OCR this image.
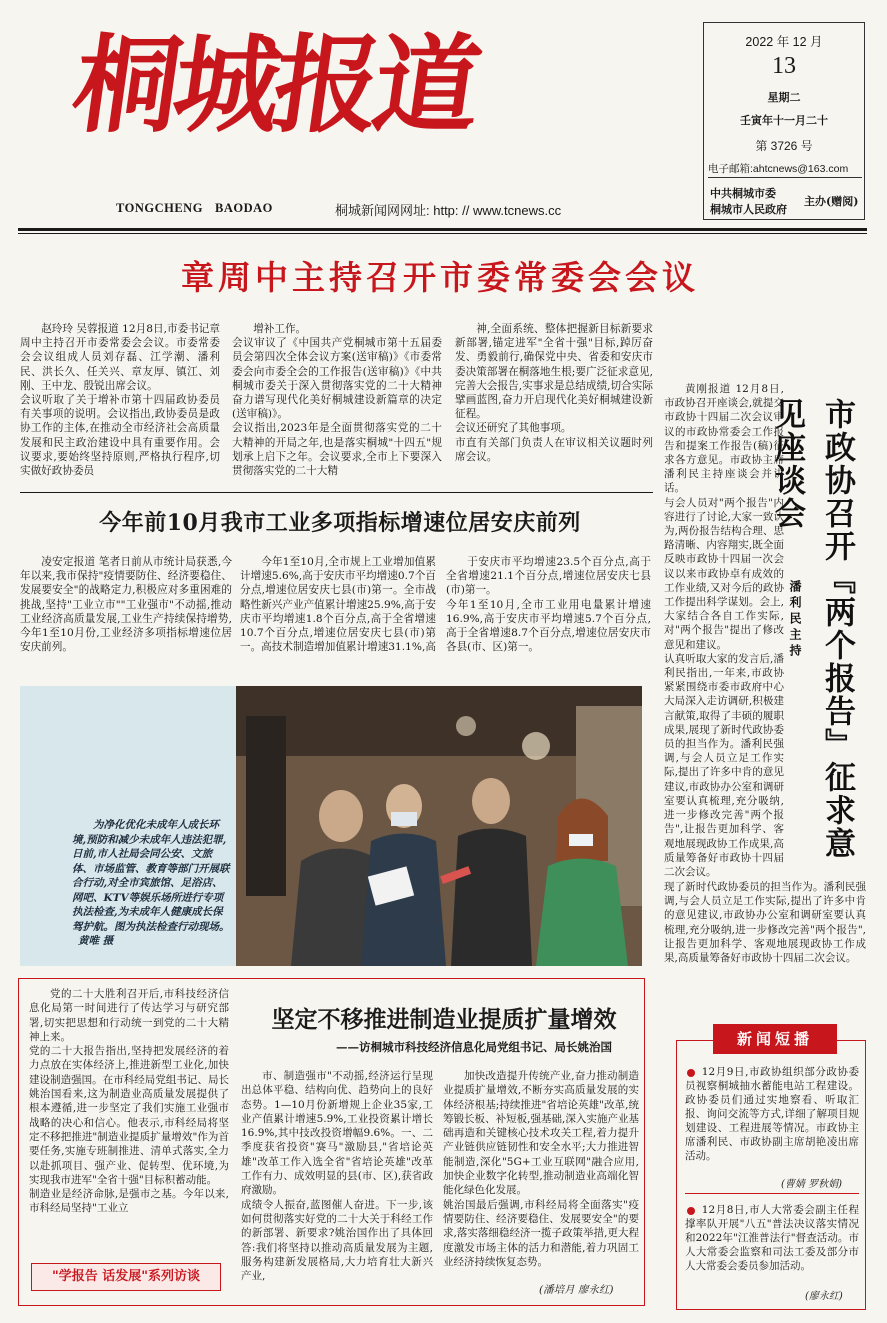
桐城报道
TONGCHENG BAODAO	桐城新闻网网址: http: // www.tcnews.cc
2022 年 12 月
13
星期二
壬寅年十一月二十
第 3726 号
电子邮箱:ahtcnews@163.com
中共桐城市委
桐城市人民政府
主办(赠阅)
章周中主持召开市委常委会会议
赵玲玲 吴蓉报道 12月8日,市委书记章周中主持召开市委常委会会议。市委常委会会议组成人员刘存磊、江学潮、潘利民、洪长久、任关兴、章友厚、镇江、刘刚、王中龙、殷锐出席会议。
会议听取了关于增补市第十四届政协委员有关事项的说明。会议指出,政协委员是政协工作的主体,在推动全市经济社会高质量发展和民主政治建设中具有重要作用。会议要求,要始终坚持原则,严格执行程序,切实做好政协委员
增补工作。
会议审议了《中国共产党桐城市第十五届委员会第四次全体会议方案(送审稿)》《市委常委会向市委全会的工作报告(送审稿)》《中共桐城市委关于深入贯彻落实党的二十大精神奋力谱写现代化美好桐城建设新篇章的决定(送审稿)》。
会议指出,2023年是全面贯彻落实党的二十大精神的开局之年,也是落实桐城"十四五"规划承上启下之年。会议要求,全市上下要深入贯彻落实党的二十大精
神,全面系统、整体把握新目标新要求新部署,锚定进军"全省十强"目标,踔厉奋发、勇毅前行,确保党中央、省委和安庆市委决策部署在桐落地生根;要广泛征求意见,完善大会报告,实事求是总结成绩,切合实际擘画蓝图,奋力开启现代化美好桐城建设新征程。
会议还研究了其他事项。
市直有关部门负责人在审议相关议题时列席会议。
今年前10月我市工业多项指标增速位居安庆前列
凌安定报道 笔者日前从市统计局获悉,今年以来,我市保持"疫情要防住、经济要稳住、发展要安全"的战略定力,积极应对多重困难的挑战,坚持"工业立市""工业强市"不动摇,推动工业经济高质量发展,工业生产持续保持增势,今年1至10月份,工业经济多项指标增速位居安庆前列。
今年1至10月,全市规上工业增加值累计增速5.6%,高于安庆市平均增速0.7个百分点,增速位居安庆七县(市)第一。全市战略性新兴产业产值累计增速25.9%,高于安庆市平均增速1.8个百分点,高于全省增速10.7个百分点,增速位居安庆七县(市)第一。高技术制造增加值累计增速31.1%,高
于安庆市平均增速23.5个百分点,高于全省增速21.1个百分点,增速位居安庆七县(市)第一。
今年1至10月,全市工业用电量累计增速16.9%,高于安庆市平均增速5.7个百分点,高于全省增速8.7个百分点,增速位居安庆市各县(市、区)第一。
为净化优化未成年人成长环境,预防和减少未成年人违法犯罪,日前,市人社局会同公安、文旅体、市场监管、教育等部门开展联合行动,对全市宾旅馆、足浴店、网吧、KTV等娱乐场所进行专项执法检查,为未成年人健康成长保驾护航。图为执法检查行动现场。 黄唯 摄
黄刚报道 12月8日,市政协召开座谈会,就提交市政协十四届二次会议审议的市政协常委会工作报告和提案工作报告(稿)征求各方意见。市政协主席潘利民主持座谈会并讲话。
与会人员对"两个报告"内容进行了讨论,大家一致认为,两份报告结构合理、思路清晰、内容翔实,既全面反映市政协十四届一次会议以来市政协卓有成效的工作业绩,又对今后的政协工作提出科学谋划。会上,大家结合各自工作实际,对"两个报告"提出了修改意见和建议。
认真听取大家的发言后,潘利民指出,一年来,市政协紧紧围绕市委市政府中心大局深入走访调研,积极建言献策,取得了丰硕的履职成果,展现了新时代政协委员的担当作为。潘利民强调,与会人员立足工作实际,提出了许多中肯的意见建议,市政协办公室和调研室要认真梳理,充分吸纳,进一步修改完善"两个报告",让报告更加科学、客观地展现政协工作成果,高质量筹备好市政协十四届二次会议。
市政协召开『两个报告』征求意见座谈会
潘利民主持
现了新时代政协委员的担当作为。潘利民强调,与会人员立足工作实际,提出了许多中肯的意见建议,市政协办公室和调研室要认真梳理,充分吸纳,进一步修改完善"两个报告",让报告更加科学、客观地展现政协工作成果,高质量筹备好市政协十四届二次会议。
坚定不移推进制造业提质扩量增效
——访桐城市科技经济信息化局党组书记、局长姚治国
党的二十大胜利召开后,市科技经济信息化局第一时间进行了传达学习与研究部署,切实把思想和行动统一到党的二十大精神上来。
党的二十大报告指出,坚持把发展经济的着力点放在实体经济上,推进新型工业化,加快建设制造强国。在市科经局党组书记、局长姚治国看来,这为制造业高质量发展提供了根本遵循,进一步坚定了我们实施工业强市战略的决心和信心。他表示,市科经局将坚定不移把推进"制造业提质扩量增效"作为首要任务,实施专班制推进、清单式落实,全力以赴抓项目、强产业、促转型、优环境,为实现我市进军"全省十强"目标积蓄动能。
制造业是经济命脉,是强市之基。今年以来,市科经局坚持"工业立
市、制造强市"不动摇,经济运行呈现出总体平稳、结构向优、趋势向上的良好态势。1—10月份新增规上企业35家,工业产值累计增速5.9%,工业投资累计增长16.9%,其中技改投资增幅9.6%。一、二季度获省投资"赛马"激励县,"省培论英雄"改革工作入选全省"省培论英雄"改革工作有力、成效明显的县(市、区),获省政府激励。
成绩令人振奋,蓝图催人奋进。下一步,该如何贯彻落实好党的二十大关于科经工作的新部署、新要求?姚治国作出了具体回答:我们将坚持以推动高质量发展为主题,服务构建新发展格局,大力培育壮大新兴产业,
加快改造提升传统产业,奋力推动制造业提质扩量增效,不断夯实高质量发展的实体经济根基;持续推进"省培论英雄"改革,统筹锻长板、补短板,强基础,深入实施产业基础再造和关键核心技术攻关工程,着力提升产业链供应链韧性和安全水平;大力推进智能制造,深化"5G+工业互联网"融合应用,加快企业数字化转型,推动制造业高端化智能化绿色化发展。
姚治国最后强调,市科经局将全面落实"疫情要防住、经济要稳住、发展要安全"的要求,落实落细稳经济一揽子政策举措,更大程度激发市场主体的活力和潜能,着力巩固工业经济持续恢复态势。
(潘培月 廖永红)
"学报告 话发展"系列访谈
新闻短播
12月9日,市政协组织部分政协委员视察桐城抽水蓄能电站工程建设。政协委员们通过实地察看、听取汇报、询问交流等方式,详细了解项目规划建设、工程进展等情况。市政协主席潘利民、市政协副主席胡艳凌出席活动。
(曹婧 罗秋娟)
12月8日,市人大常委会副主任程撑率队开展"八五"普法决议落实情况和2022年"江淮普法行"督查活动。市人大常委会监察和司法工委及部分市人大常委会委员参加活动。
(廖永红)
